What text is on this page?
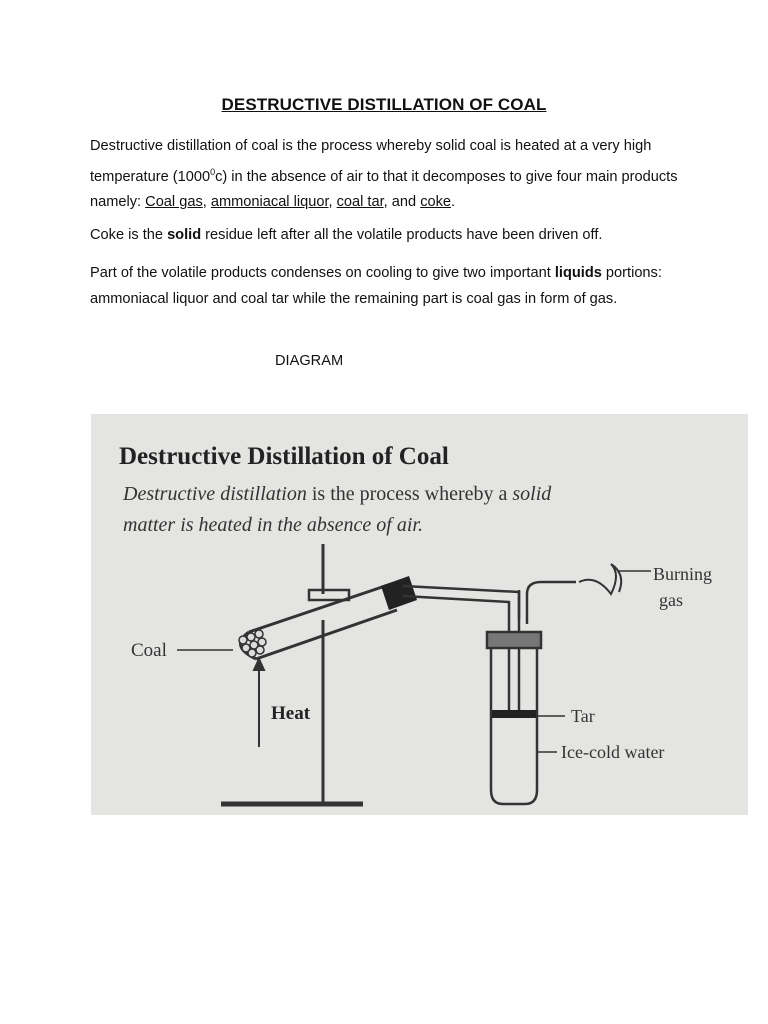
DESTRUCTIVE DISTILLATION OF COAL

Destructive distillation of coal is the process whereby solid coal is heated at a very high temperature (1000$^0$c) in the absence of air to that it decomposes to give four main products namely: Coal gas, ammoniacal liquor, coal tar, and coke.

Coke is the solid residue left after all the volatile products have been driven off.

Part of the volatile products condenses on cooling to give two important liquids portions: ammoniacal liquor and coal tar while the remaining part is coal gas in form of gas.

DIAGRAM
Destructive Distillation of Coal
Destructive distillation is the process whereby a solid
matter is heated in the absence of air.
Coal
Heat
Burning
gas
Tar
Ice-cold water
